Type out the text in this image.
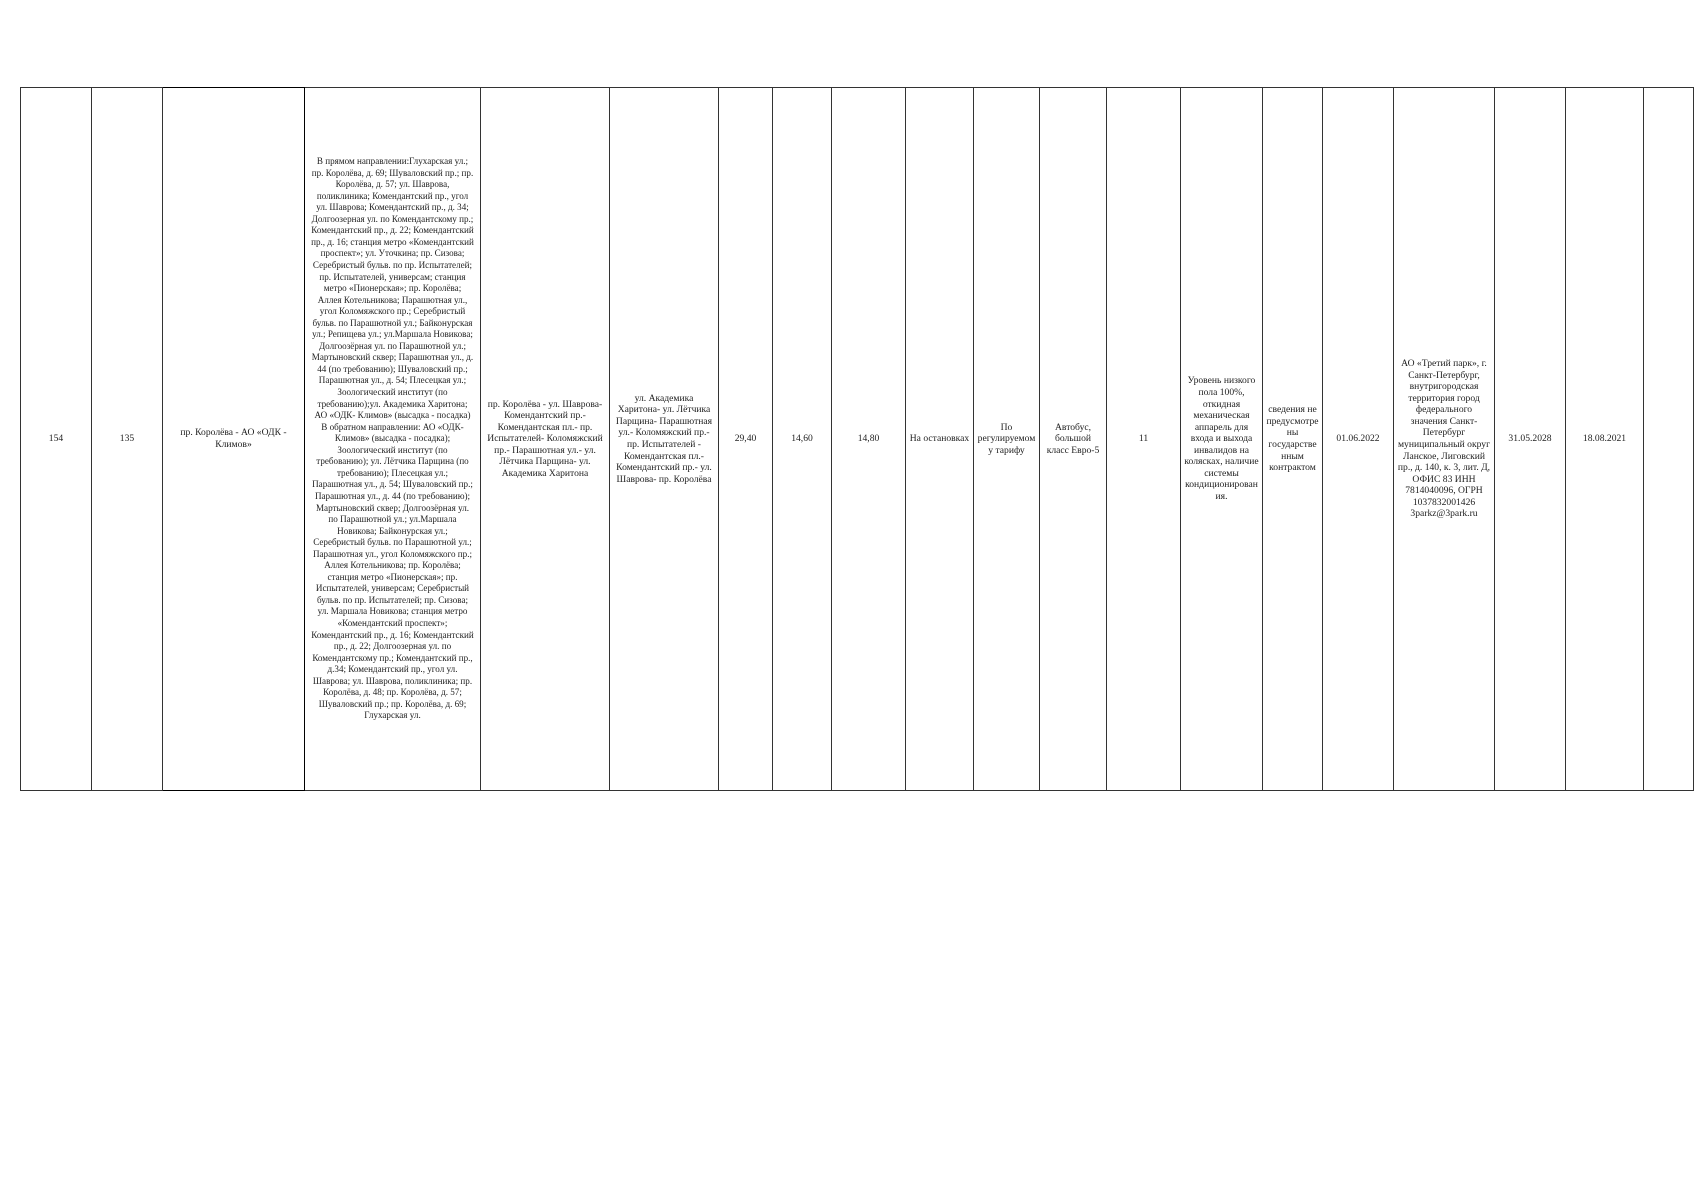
154	135	пр. Королёва - АО «ОДК - Климов»	В прямом направлении:Глухарская ул.; пр. Королёва, д. 69; Шуваловский пр.; пр. Королёва, д. 57; ул. Шаврова, поликлиника; Комендантский пр., угол ул. Шаврова; Комендантский пр., д. 34; Долгоозерная ул. по Комендантскому пр.; Комендантский пр., д. 22; Комендантский пр., д. 16; станция метро «Комендантский проспект»; ул. Уточкина; пр. Сизова; Серебристый бульв. по пр. Испытателей; пр. Испытателей, универсам; станция метро «Пионерская»; пр. Королёва; Аллея Котельникова; Парашютная ул., угол Коломяжского пр.; Серебристый бульв. по Парашютной ул.; Байконурская ул.; Репищева ул.; ул.Маршала Новикова; Долгоозёрная ул. по Парашютной ул.; Мартыновский сквер; Парашютная ул., д. 44 (по требованию); Шуваловский пр.; Парашютная ул., д. 54; Плесецкая ул.; Зоологический институт (по требованию);ул. Академика Харитона; АО «ОДК- Климов» (высадка - посадка) В обратном направлении: АО «ОДК- Климов» (высадка - посадка); Зоологический институт (по требованию); ул. Лётчика Парщина (по требованию); Плесецкая ул.; Парашютная ул., д. 54; Шуваловский пр.; Парашютная ул., д. 44 (по требованию); Мартыновский сквер; Долгоозёрная ул. по Парашютной ул.; ул.Маршала Новикова; Байконурская ул.; Серебристый бульв. по Парашютной ул.; Парашютная ул., угол Коломяжского пр.; Аллея Котельникова; пр. Королёва; станция метро «Пионерская»; пр. Испытателей, универсам; Серебристый бульв. по пр. Испытателей; пр. Сизова; ул. Маршала Новикова; станция метро «Комендантский проспект»; Комендантский пр., д. 16; Комендантский пр., д. 22; Долгоозерная ул. по Комендантскому пр.; Комендантский пр., д.34; Комендантский пр., угол ул. Шаврова; ул. Шаврова, поликлиника; пр. Королёва, д. 48; пр. Королёва, д. 57; Шуваловский пр.; пр. Королёва, д. 69; Глухарская ул.	пр. Королёва - ул. Шаврова- Комендантский пр.- Комендантская пл.- пр. Испытателей- Коломяжский пр.- Парашютная ул.- ул. Лётчика Парщина- ул. Академика Харитона	ул. Академика Харитона- ул. Лётчика Парщина- Парашютная ул.- Коломяжский пр.- пр. Испытателей - Комендантская пл.- Комендантский пр.- ул. Шаврова- пр. Королёва	29,40	14,60	14,80	На остановках	По регулируемому тарифу	Автобус, большой класс Евро-5	11	Уровень низкого пола 100%, откидная механическая аппарель для входа и выхода инвалидов на колясках, наличие системы кондиционирования.	сведения не предусмотрены государственным контрактом	01.06.2022	АО «Третий парк», г. Санкт-Петербург, внутригородская территория город федерального значения Санкт-Петербург муниципальный округ Ланское, Лиговский пр., д. 140, к. 3, лит. Д, ОФИС 83 ИНН 7814040096, ОГРН 1037832001426 3parkz@3park.ru	31.05.2028	18.08.2021	
